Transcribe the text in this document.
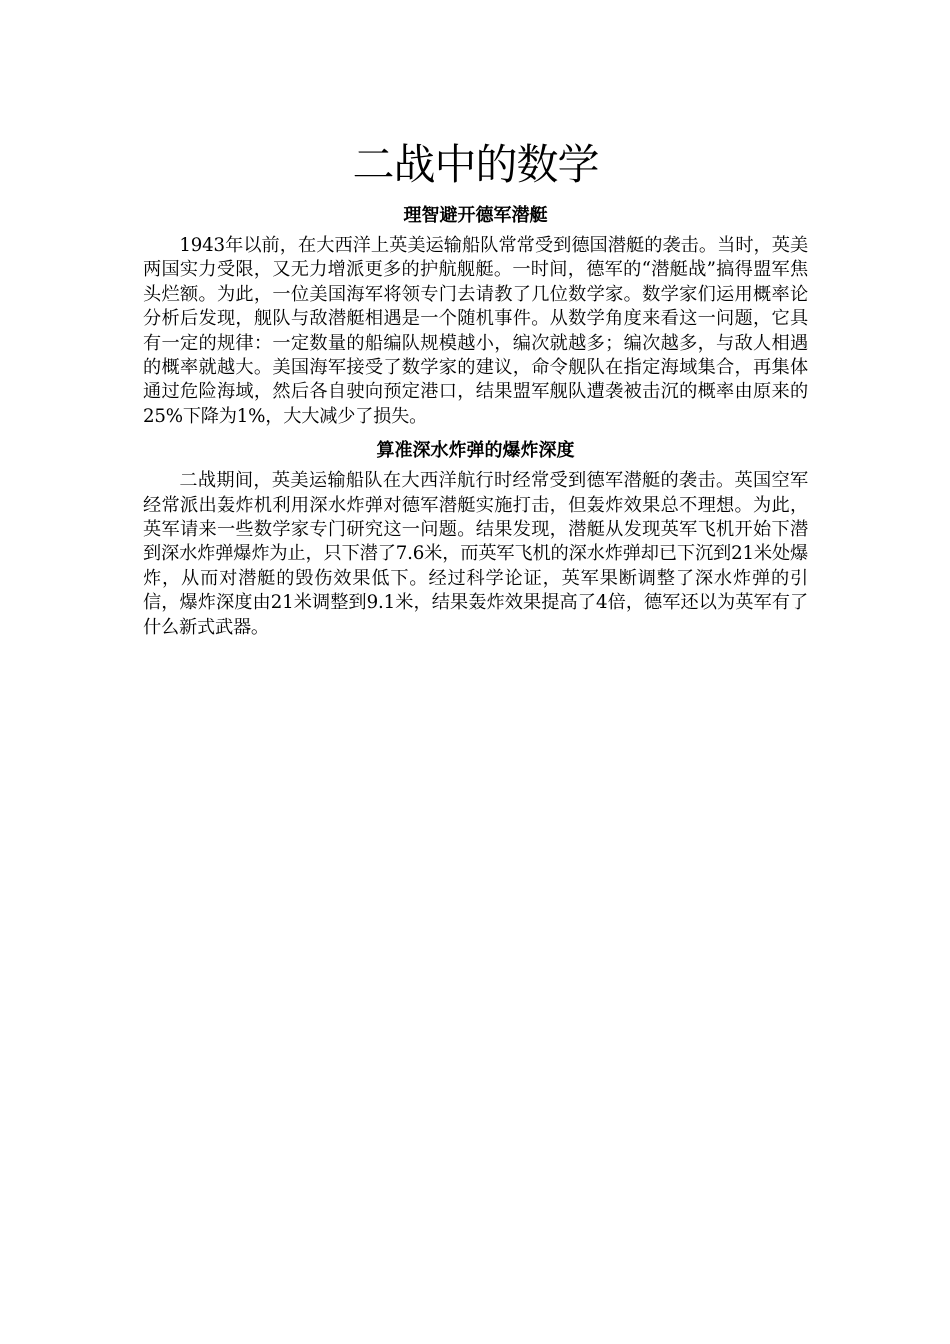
二战中的数学
理智避开德军潜艇

1943年以前，在大西洋上英美运输船队常常受到德国潜艇的袭击。当时，英美两国实力受限，又无力增派更多的护航舰艇。一时间，德军的“潜艇战”搞得盟军焦头烂额。为此，一位美国海军将领专门去请教了几位数学家。数学家们运用概率论分析后发现，舰队与敌潜艇相遇是一个随机事件。从数学角度来看这一问题，它具有一定的规律：一定数量的船编队规模越小，编次就越多；编次越多，与敌人相遇的概率就越大。美国海军接受了数学家的建议，命令舰队在指定海域集合，再集体通过危险海域，然后各自驶向预定港口，结果盟军舰队遭袭被击沉的概率由原来的25%下降为1%，大大减少了损失。

算准深水炸弹的爆炸深度

二战期间，英美运输船队在大西洋航行时经常受到德军潜艇的袭击。英国空军经常派出轰炸机利用深水炸弹对德军潜艇实施打击，但轰炸效果总不理想。为此，英军请来一些数学家专门研究这一问题。结果发现，潜艇从发现英军飞机开始下潜到深水炸弹爆炸为止，只下潜了7.6米，而英军飞机的深水炸弹却已下沉到21米处爆炸，从而对潜艇的毁伤效果低下。经过科学论证，英军果断调整了深水炸弹的引信，爆炸深度由21米调整到9.1米，结果轰炸效果提高了4倍，德军还以为英军有了什么新式武器。
